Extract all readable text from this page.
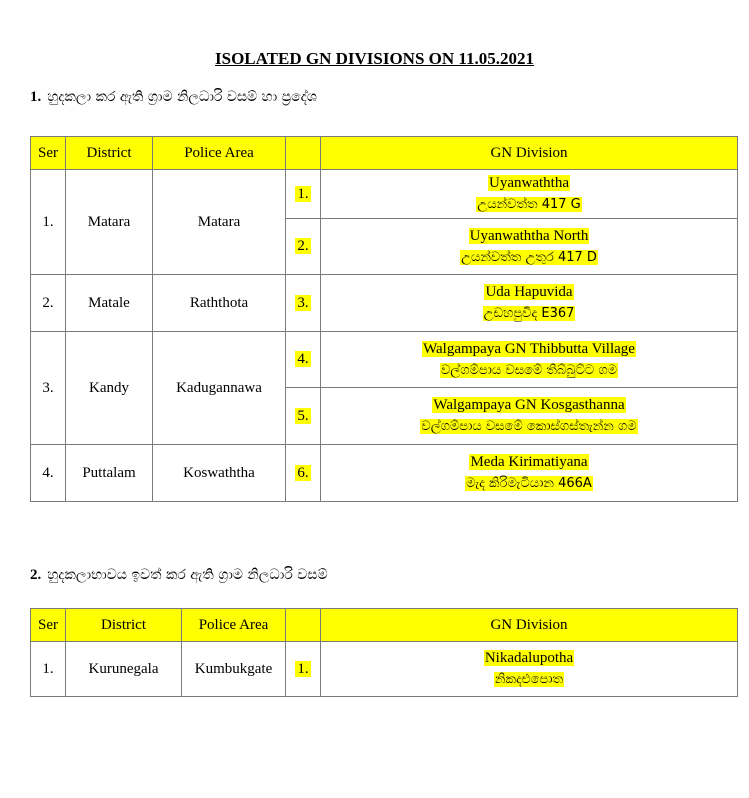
ISOLATED GN DIVISIONS ON 11.05.2021
1. හුදකලා කර ඇති ග්‍රාම නිලධාරි වසම් හා ප්‍රදේශ
Ser	District	Police Area		GN Division
1.	Matara	Matara	1.	Uyanwaththa
උයන්වත්ත 417 G

			2.	Uyanwaththa North
උයන්වත්ත උතුර 417 D

2.	Matale	Raththota	3.	Uda Hapuvida
උඩහපුවිද E367

3.	Kandy	Kadugannawa	4.	Walgampaya GN Thibbutta Village
වල්ගම්පාය වසමේ තිබ්බුට්ට ගම

			5.	Walgampaya GN Kosgasthanna
වල්ගම්පාය වසමේ කොස්ගස්තැන්න ගම

4.	Puttalam	Koswaththa	6.	Meda Kirimatiyana
මැද කිරිමැටියාන 466A
2. හුදකලාභාවය ඉවත් කර ඇති ග්‍රාම නිලධාරි වසම්
Ser	District	Police Area		GN Division
1.	Kurunegala	Kumbukgate	1.	Nikadalupotha
නිකදළුපොත
